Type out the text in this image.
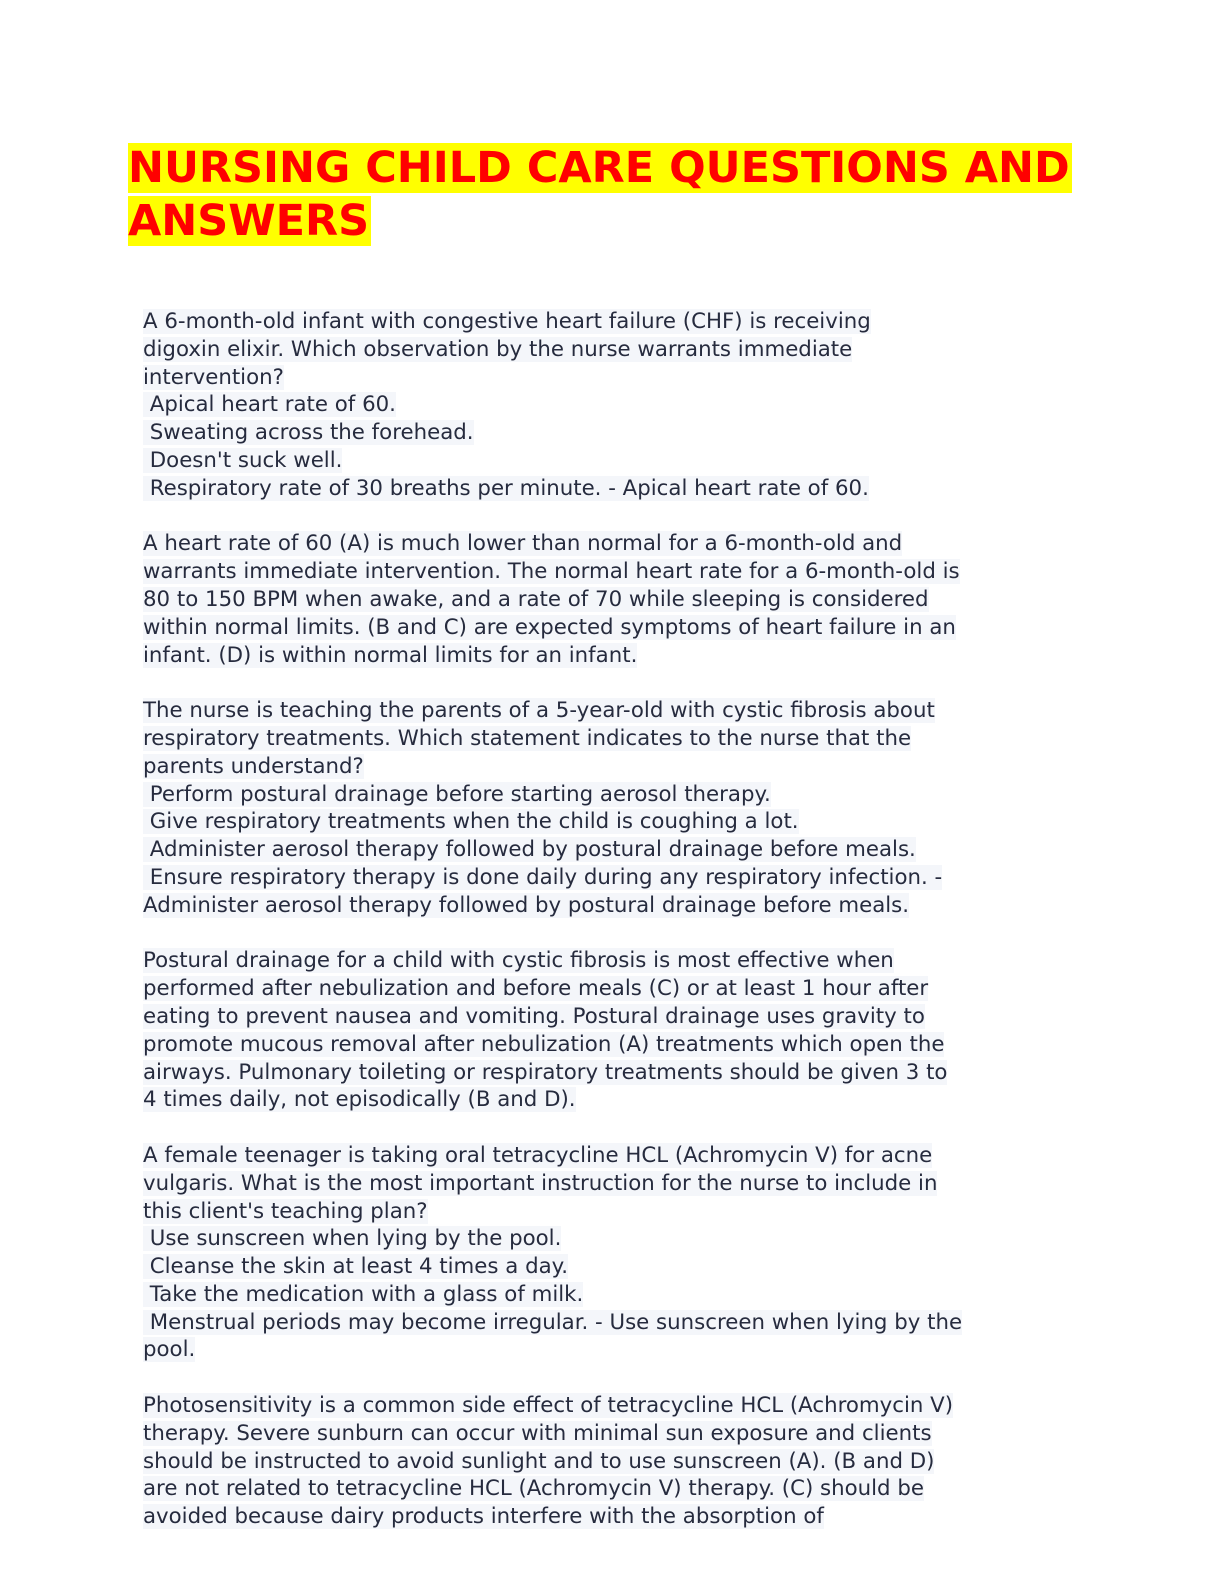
NURSING CHILD CARE QUESTIONS AND
ANSWERS
A 6-month-old infant with congestive heart failure (CHF) is receiving
digoxin elixir. Which observation by the nurse warrants immediate
intervention?
Apical heart rate of 60.
Sweating across the forehead.
Doesn't suck well.
Respiratory rate of 30 breaths per minute. - Apical heart rate of 60.
A heart rate of 60 (A) is much lower than normal for a 6-month-old and
warrants immediate intervention. The normal heart rate for a 6-month-old is
80 to 150 BPM when awake, and a rate of 70 while sleeping is considered
within normal limits. (B and C) are expected symptoms of heart failure in an
infant. (D) is within normal limits for an infant.
The nurse is teaching the parents of a 5-year-old with cystic fibrosis about
respiratory treatments. Which statement indicates to the nurse that the
parents understand?
Perform postural drainage before starting aerosol therapy.
Give respiratory treatments when the child is coughing a lot.
Administer aerosol therapy followed by postural drainage before meals.
Ensure respiratory therapy is done daily during any respiratory infection. -
Administer aerosol therapy followed by postural drainage before meals.
Postural drainage for a child with cystic fibrosis is most effective when
performed after nebulization and before meals (C) or at least 1 hour after
eating to prevent nausea and vomiting. Postural drainage uses gravity to
promote mucous removal after nebulization (A) treatments which open the
airways. Pulmonary toileting or respiratory treatments should be given 3 to
4 times daily, not episodically (B and D).
A female teenager is taking oral tetracycline HCL (Achromycin V) for acne
vulgaris. What is the most important instruction for the nurse to include in
this client's teaching plan?
Use sunscreen when lying by the pool.
Cleanse the skin at least 4 times a day.
Take the medication with a glass of milk.
Menstrual periods may become irregular. - Use sunscreen when lying by the
pool.
Photosensitivity is a common side effect of tetracycline HCL (Achromycin V)
therapy. Severe sunburn can occur with minimal sun exposure and clients
should be instructed to avoid sunlight and to use sunscreen (A). (B and D)
are not related to tetracycline HCL (Achromycin V) therapy. (C) should be
avoided because dairy products interfere with the absorption of
